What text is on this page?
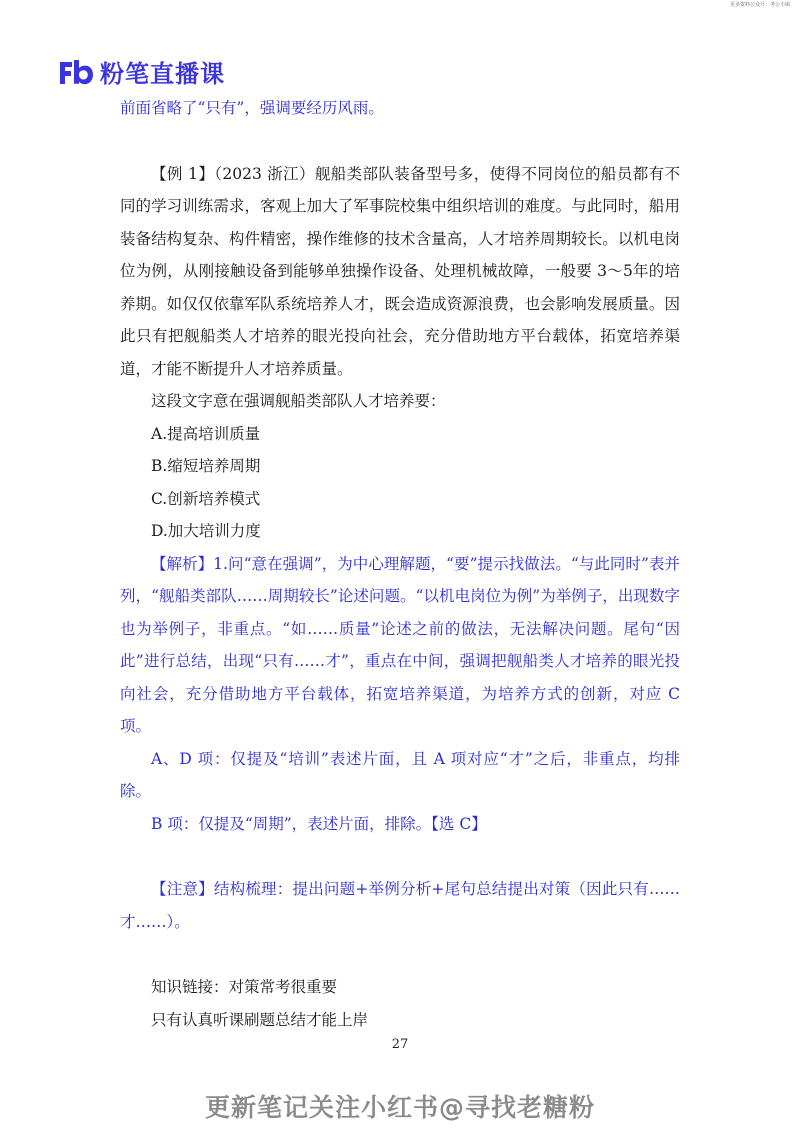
更多资料公众号：考公小镇
粉笔直播课

前面省略了“只有”，强调要经历风雨。

【例 1】（2023 浙江）舰船类部队装备型号多，使得不同岗位的船员都有不同的学习训练需求，客观上加大了军事院校集中组织培训的难度。与此同时，船用装备结构复杂、构件精密，操作维修的技术含量高，人才培养周期较长。以机电岗位为例，从刚接触设备到能够单独操作设备、处理机械故障，一般要 3～5年的培养期。如仅仅依靠军队系统培养人才，既会造成资源浪费，也会影响发展质量。因此只有把舰船类人才培养的眼光投向社会，充分借助地方平台载体，拓宽培养渠道，才能不断提升人才培养质量。

这段文字意在强调舰船类部队人才培养要：

A.提高培训质量

B.缩短培养周期

C.创新培养模式

D.加大培训力度

【解析】1.问“意在强调”，为中心理解题，“要”提示找做法。“与此同时”表并列，“舰船类部队……周期较长”论述问题。“以机电岗位为例”为举例子，出现数字也为举例子，非重点。“如……质量”论述之前的做法，无法解决问题。尾句“因此”进行总结，出现“只有……才”，重点在中间，强调把舰船类人才培养的眼光投向社会，充分借助地方平台载体，拓宽培养渠道，为培养方式的创新，对应 C 项。

A、D 项：仅提及“培训”表述片面，且 A 项对应“才”之后，非重点，均排除。

B 项：仅提及“周期”，表述片面，排除。【选 C】

【注意】结构梳理：提出问题+举例分析+尾句总结提出对策（因此只有……才……）。

知识链接：对策常考很重要

只有认真听课刷题总结才能上岸

27
更新笔记关注小红书@寻找老糖粉
